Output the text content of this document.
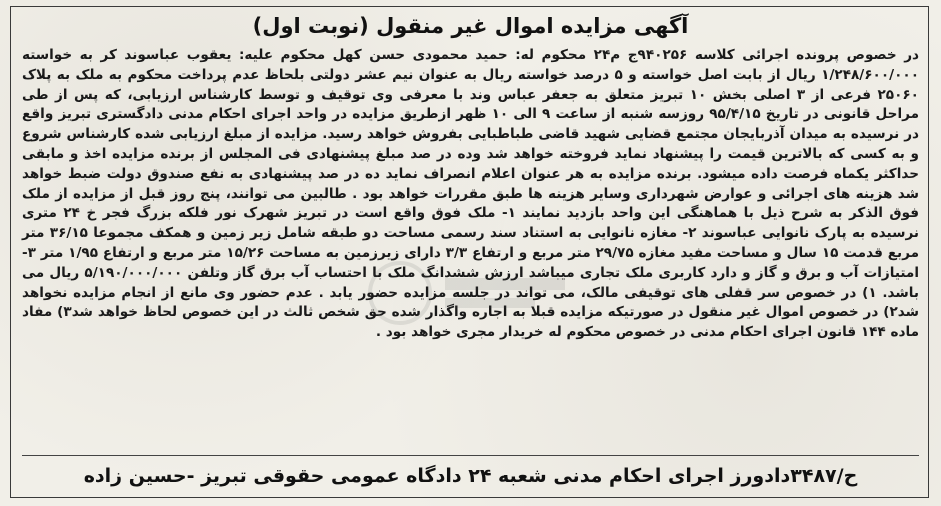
آگهی مزایده اموال غیر منقول (نوبت اول)

در خصوص پرونده اجرائی کلاسه ۹۴۰۲۵۶ج م۲۴ محکوم له: حمید محمودی حسن کهل محکوم علیه: یعقوب عباسوند کر به خواسته ۱/۲۴۸/۶۰۰/۰۰۰ ریال از بابت اصل خواسته و ۵ درصد خواسته ریال به عنوان نیم عشر دولتی بلحاظ عدم پرداخت محکوم به ملک به پلاک ۲۵۰۶۰ فرعی از ۳ اصلی بخش ۱۰ تبریز متعلق به جعفر عباس وند با معرفی وی توقیف و توسط کارشناس ارزیابی، که پس از طی مراحل قانونی در تاریخ ۹۵/۴/۱۵ روزسه شنبه از ساعت ۹ الی ۱۰ ظهر ازطریق مزایده در واحد اجرای احکام مدنی دادگستری تبریز واقع در نرسیده به میدان آذربایجان مجتمع قضایی شهید قاضی طباطبایی بفروش خواهد رسید. مزایده از مبلغ ارزیابی شده کارشناس شروع و به کسی که بالاترین قیمت را پیشنهاد نماید فروخته خواهد شد وده در صد مبلغ پیشنهادی فی المجلس از برنده مزایده اخذ و مابقی حداکثر یکماه فرصت داده میشود. برنده مزایده به هر عنوان اعلام انصراف نماید ده در صد پیشنهادی به نفع صندوق دولت ضبط خواهد شد هزینه های اجرائی و عوارض شهرداری وسایر هزینه ها طبق مقررات خواهد بود . طالبین می توانند، پنج روز قبل از مزایده از ملک فوق الذکر به شرح ذیل با هماهنگی این واحد بازدید نمایند ۱- ملک فوق واقع است در تبریز شهرک نور فلکه بزرگ فجر خ ۲۴ متری نرسیده به پارک نانوایی عباسوند ۲- مغازه نانوایی به استناد سند رسمی مساحت دو طبقه شامل زیر زمین و همکف مجموعا ۳۶/۱۵ متر مربع قدمت ۱۵ سال و مساحت مفید مغازه ۲۹/۷۵ متر مربع و ارتفاع ۳/۳ دارای زیرزمین به مساحت ۱۵/۲۶ متر مربع و ارتفاع ۱/۹۵ متر ۳- امتیازات آب و برق و گاز و دارد کاربری ملک تجاری میباشد ارزش ششدانگ ملک با احتساب آب برق گاز وتلفن ۵/۱۹۰/۰۰۰/۰۰۰ ریال می باشد. ۱) در خصوص سر قفلی های توقیفی مالک، می تواند در جلسه مزایده حضور یابد . عدم حضور وی مانع از انجام مزایده نخواهد شد۲) در خصوص اموال غیر منقول در صورتیکه مزایده قبلا به اجاره واگذار شده حق شخص ثالث در این خصوص لحاظ خواهد شد۳) مفاد ماده ۱۴۴ قانون اجرای احکام مدنی در خصوص محکوم له خریدار مجری خواهد بود .

ح/۳۴۸۷دادورز اجرای احکام مدنی شعبه ۲۴ دادگاه عمومی حقوقی تبریز -حسین زاده
